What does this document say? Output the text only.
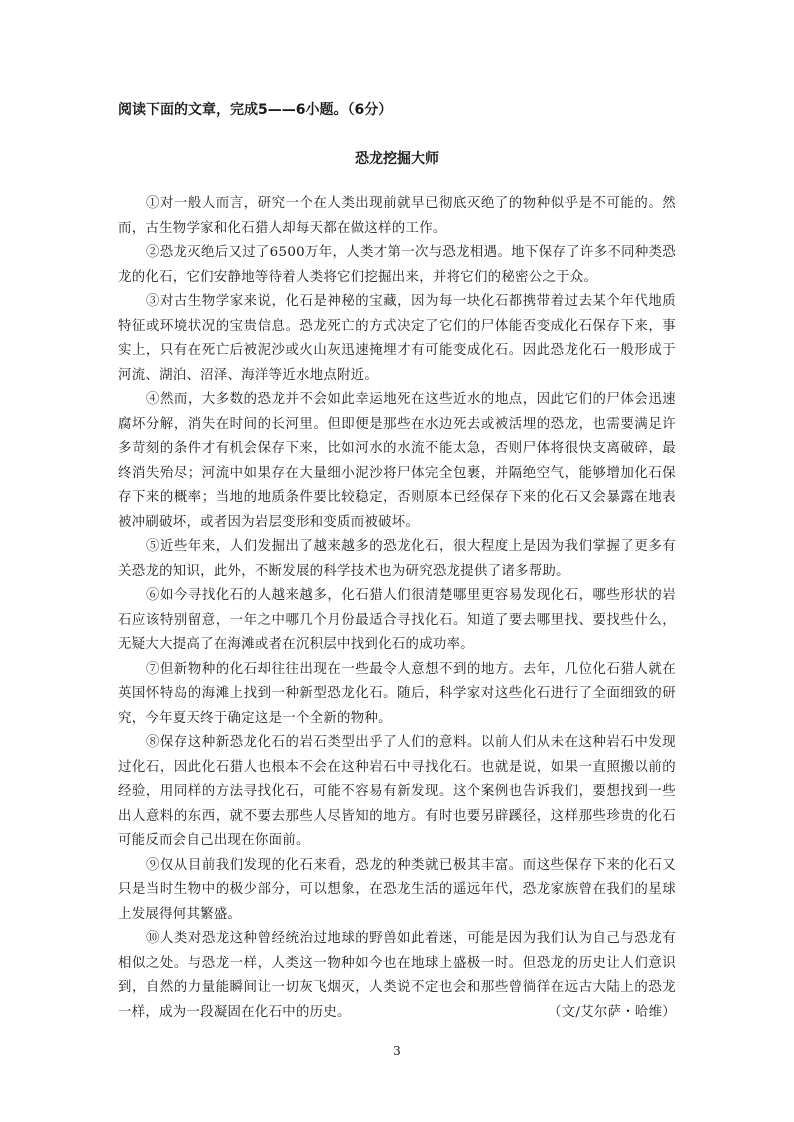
阅读下面的文章，完成5——6小题。（6分）

恐龙挖掘大师

①对一般人而言，研究一个在人类出现前就早已彻底灭绝了的物种似乎是不可能的。然而，古生物学家和化石猎人却每天都在做这样的工作。

②恐龙灭绝后又过了6500万年，人类才第一次与恐龙相遇。地下保存了许多不同种类恐龙的化石，它们安静地等待着人类将它们挖掘出来，并将它们的秘密公之于众。

③对古生物学家来说，化石是神秘的宝藏，因为每一块化石都携带着过去某个年代地质特征或环境状况的宝贵信息。恐龙死亡的方式决定了它们的尸体能否变成化石保存下来，事实上，只有在死亡后被泥沙或火山灰迅速掩埋才有可能变成化石。因此恐龙化石一般形成于河流、湖泊、沼泽、海洋等近水地点附近。

④然而，大多数的恐龙并不会如此幸运地死在这些近水的地点，因此它们的尸体会迅速腐坏分解，消失在时间的长河里。但即便是那些在水边死去或被活埋的恐龙，也需要满足许多苛刻的条件才有机会保存下来，比如河水的水流不能太急，否则尸体将很快支离破碎，最终消失殆尽；河流中如果存在大量细小泥沙将尸体完全包裹，并隔绝空气，能够增加化石保存下来的概率；当地的地质条件要比较稳定，否则原本已经保存下来的化石又会暴露在地表被冲刷破坏，或者因为岩层变形和变质而被破坏。

⑤近些年来，人们发掘出了越来越多的恐龙化石，很大程度上是因为我们掌握了更多有关恐龙的知识，此外，不断发展的科学技术也为研究恐龙提供了诸多帮助。

⑥如今寻找化石的人越来越多，化石猎人们很清楚哪里更容易发现化石，哪些形状的岩石应该特别留意，一年之中哪几个月份最适合寻找化石。知道了要去哪里找、要找些什么，无疑大大提高了在海滩或者在沉积层中找到化石的成功率。

⑦但新物种的化石却往往出现在一些最令人意想不到的地方。去年，几位化石猎人就在英国怀特岛的海滩上找到一种新型恐龙化石。随后，科学家对这些化石进行了全面细致的研究，今年夏天终于确定这是一个全新的物种。

⑧保存这种新恐龙化石的岩石类型出乎了人们的意料。以前人们从未在这种岩石中发现过化石，因此化石猎人也根本不会在这种岩石中寻找化石。也就是说，如果一直照搬以前的经验，用同样的方法寻找化石，可能不容易有新发现。这个案例也告诉我们，要想找到一些出人意料的东西，就不要去那些人尽皆知的地方。有时也要另辟蹊径，这样那些珍贵的化石可能反而会自己出现在你面前。

⑨仅从目前我们发现的化石来看，恐龙的种类就已极其丰富。而这些保存下来的化石又只是当时生物中的极少部分，可以想象，在恐龙生活的遥远年代，恐龙家族曾在我们的星球上发展得何其繁盛。

⑩人类对恐龙这种曾经统治过地球的野兽如此着迷，可能是因为我们认为自己与恐龙有相似之处。与恐龙一样，人类这一物种如今也在地球上盛极一时。但恐龙的历史让人们意识到，自然的力量能瞬间让一切灰飞烟灭，人类说不定也会和那些曾徜徉在远古大陆上的恐龙一样，成为一段凝固在化石中的历史。	（文/艾尔萨・哈维）

3
